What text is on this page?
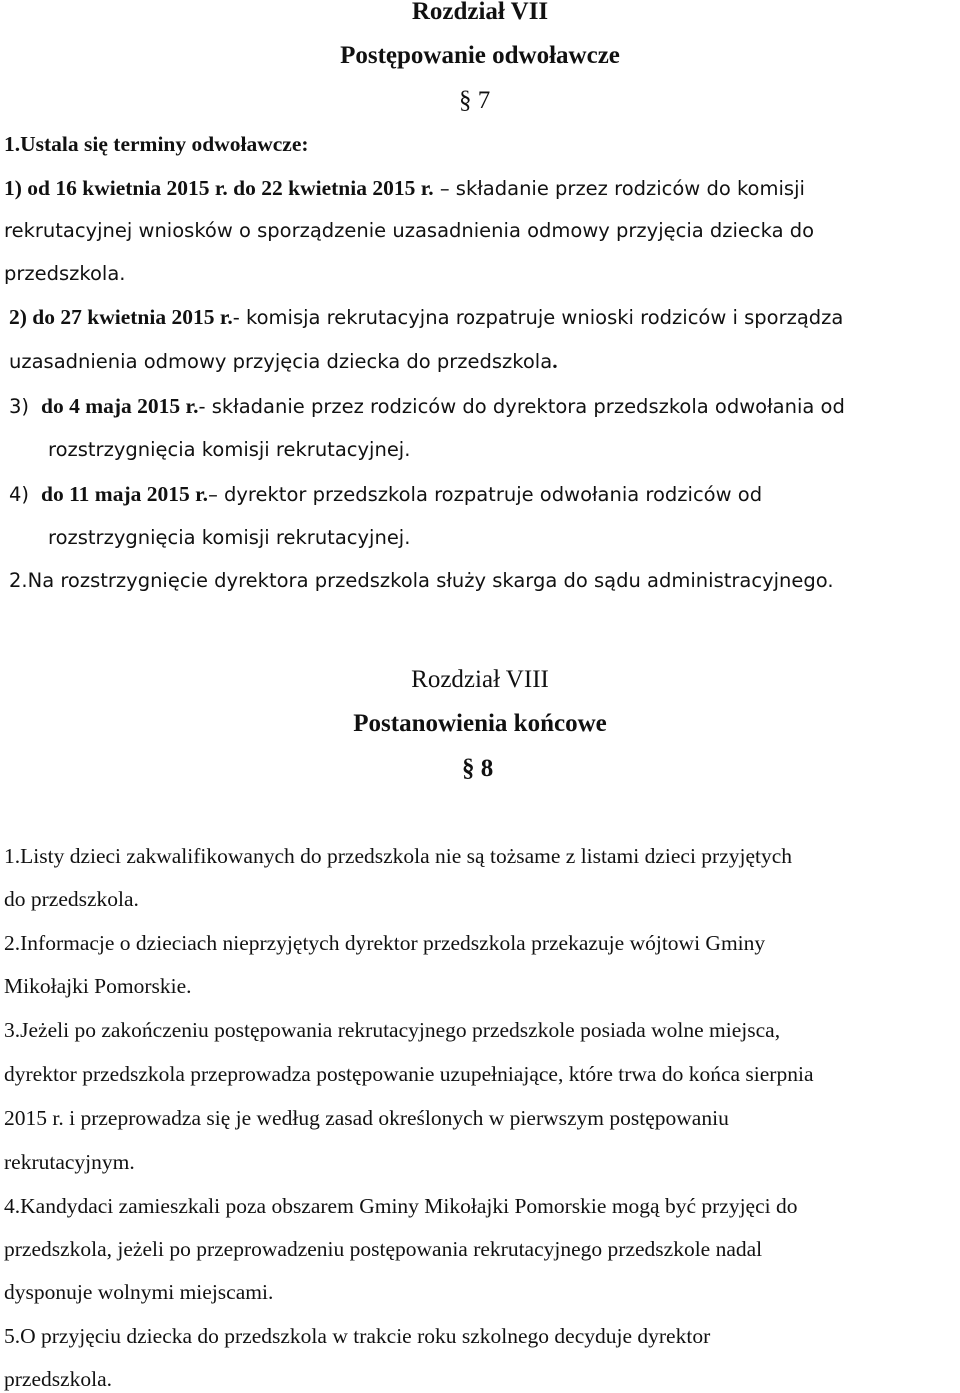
Rozdział VII
Postępowanie odwoławcze
§ 7
1.Ustala się terminy odwoławcze:
1) od 16 kwietnia 2015 r. do 22 kwietnia 2015 r. – składanie przez rodziców do komisji
rekrutacyjnej wniosków o sporządzenie uzasadnienia odmowy przyjęcia dziecka do
przedszkola.
2) do 27 kwietnia 2015 r.- komisja rekrutacyjna rozpatruje wnioski rodziców i sporządza
uzasadnienia odmowy przyjęcia dziecka do przedszkola.
3) do 4 maja 2015 r.- składanie przez rodziców do dyrektora przedszkola odwołania od
rozstrzygnięcia komisji rekrutacyjnej.
4) do 11 maja 2015 r.– dyrektor przedszkola rozpatruje odwołania rodziców od
rozstrzygnięcia komisji rekrutacyjnej.
2.Na rozstrzygnięcie dyrektora przedszkola służy skarga do sądu administracyjnego.
Rozdział VIII
Postanowienia końcowe
§ 8
1.Listy dzieci zakwalifikowanych do przedszkola nie są tożsame z listami dzieci przyjętych
do przedszkola.
2.Informacje o dzieciach nieprzyjętych dyrektor przedszkola przekazuje wójtowi Gminy
Mikołajki Pomorskie.
3.Jeżeli po zakończeniu postępowania rekrutacyjnego przedszkole posiada wolne miejsca,
dyrektor przedszkola przeprowadza postępowanie uzupełniające, które trwa do końca sierpnia
2015 r. i przeprowadza się je według zasad określonych w pierwszym postępowaniu
rekrutacyjnym.
4.Kandydaci zamieszkali poza obszarem Gminy Mikołajki Pomorskie mogą być przyjęci do
przedszkola, jeżeli po przeprowadzeniu postępowania rekrutacyjnego przedszkole nadal
dysponuje wolnymi miejscami.
5.O przyjęciu dziecka do przedszkola w trakcie roku szkolnego decyduje dyrektor
przedszkola.
